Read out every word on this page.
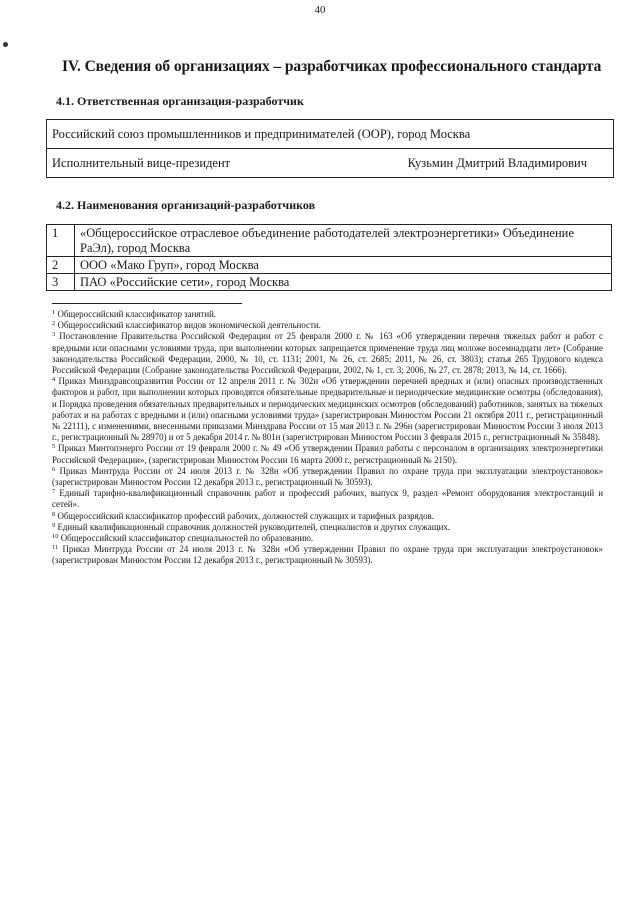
40
IV. Сведения об организациях – разработчиках профессионального стандарта
4.1. Ответственная организация-разработчик
Российский союз промышленников и предпринимателей (ООР), город Москва
Исполнительный вице-президент	Кузьмин Дмитрий Владимирович
4.2. Наименования организаций-разработчиков
1	«Общероссийское отраслевое объединение работодателей электроэнергетики» Объединение РаЭл), город Москва
2	ООО «Мако Груп», город Москва
3	ПАО «Российские сети», город Москва

$^1$ Общероссийский классификатор занятий.

$^2$ Общероссийский классификатор видов экономической деятельности.

$^3$ Постановление Правительства Российской Федерации от 25 февраля 2000 г. № 163 «Об утверждении перечня тяжелых работ и работ с вредными или опасными условиями труда, при выполнении которых запрещается применение труда лиц моложе восемнадцати лет» (Собрание законодательства Российской Федерации, 2000, № 10, ст. 1131; 2001, № 26, ст. 2685; 2011, № 26, ст. 3803); статья 265 Трудового кодекса Российской Федерации (Собрание законодательства Российской Федерации, 2002, № 1, ст. 3; 2006, № 27, ст. 2878; 2013, № 14, ст. 1666).

$^4$ Приказ Минздравсоцразвития России от 12 апреля 2011 г. № 302н «Об утверждении перечней вредных и (или) опасных производственных факторов и работ, при выполнении которых проводятся обязательные предварительные и периодические медицинские осмотры (обследования), и Порядка проведения обязательных предварительных и периодических медицинских осмотров (обследований) работников, занятых на тяжелых работах и на работах с вредными и (или) опасными условиями труда» (зарегистрирован Минюстом России 21 октября 2011 г., регистрационный № 22111), с изменениями, внесенными приказами Минздрава России от 15 мая 2013 г. № 296н (зарегистрирован Минюстом России 3 июля 2013 г., регистрационный № 28970) и от 5 декабря 2014 г. № 801н (зарегистрирован Минюстом России 3 февраля 2015 г., регистрационный № 35848).

$^5$ Приказ Минтопэнерго России от 19 февраля 2000 г. № 49 «Об утверждении Правил работы с персоналом в организациях электроэнергетики Российской Федерации», (зарегистрирован Минюстом России 16 марта 2000 г., регистрационный № 2150).

$^6$ Приказ Минтруда России от 24 июля 2013 г. № 328н «Об утверждении Правил по охране труда при эксплуатации электроустановок» (зарегистрирован Минюстом России 12 декабря 2013 г., регистрационный № 30593).

$^7$ Единый тарифно-квалификационный справочник работ и профессий рабочих, выпуск 9, раздел «Ремонт оборудования электростанций и сетей».

$^8$ Общероссийский классификатор профессий рабочих, должностей служащих и тарифных разрядов.

$^9$ Единый квалификационный справочник должностей руководителей, специалистов и других служащих.

$^{10}$ Общероссийский классификатор специальностей по образованию.

$^{11}$ Приказ Минтруда России от 24 июля 2013 г. № 328н «Об утверждении Правил по охране труда при эксплуатации электроустановок» (зарегистрирован Минюстом России 12 декабря 2013 г., регистрационный № 30593).
